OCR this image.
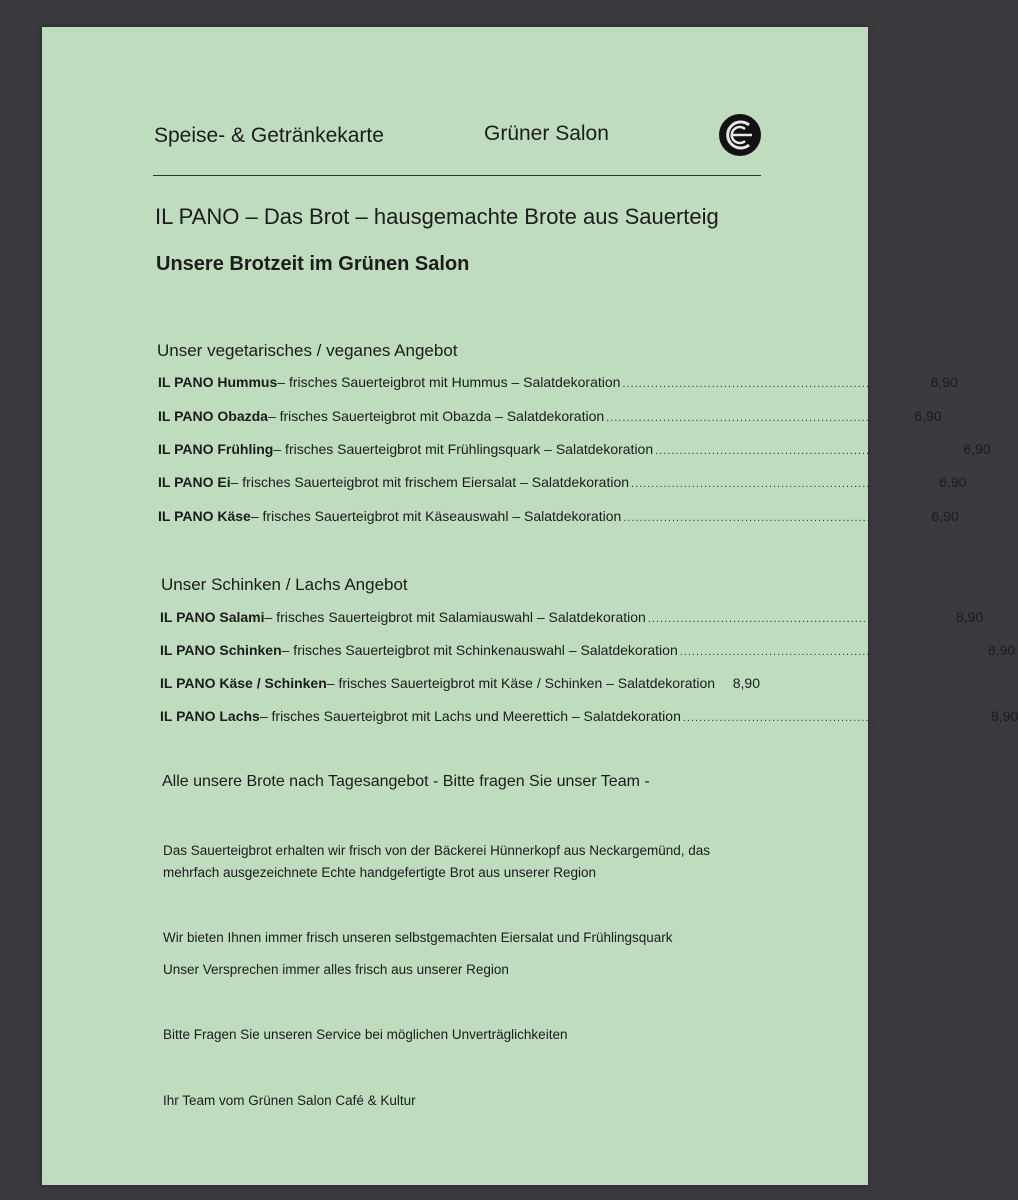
Speise- & Getränkekarte	Grüner Salon
IL PANO – Das Brot – hausgemachte Brote aus Sauerteig
Unsere Brotzeit im Grünen Salon
Unser vegetarisches / veganes Angebot
IL PANO Hummus – frisches Sauerteigbrot mit Hummus – Salatdekoration .......................................................................... 6,90
IL PANO Obazda – frisches Sauerteigbrot mit Obazda – Salatdekoration .......................................................................... 6,90
IL PANO Frühling – frisches Sauerteigbrot mit Frühlingsquark – Salatdekoration .......................................................................... 6,90
IL PANO Ei – frisches Sauerteigbrot mit frischem Eiersalat – Salatdekoration .......................................................................... 6,90
IL PANO Käse – frisches Sauerteigbrot mit Käseauswahl – Salatdekoration .......................................................................... 6,90
Unser Schinken / Lachs Angebot
IL PANO Salami – frisches Sauerteigbrot mit Salamiauswahl – Salatdekoration .......................................................................... 8,90
IL PANO Schinken – frisches Sauerteigbrot mit Schinkenauswahl – Salatdekoration .......................................................................... 8,90
IL PANO Käse / Schinken – frisches Sauerteigbrot mit Käse / Schinken – Salatdekoration	8,90
IL PANO Lachs – frisches Sauerteigbrot mit Lachs und Meerettich – Salatdekoration .......................................................................... 8,90
Alle unsere Brote nach Tagesangebot - Bitte fragen Sie unser Team -
Das Sauerteigbrot erhalten wir frisch von der Bäckerei Hünnerkopf aus Neckargemünd, das
mehrfach ausgezeichnete Echte handgefertigte Brot aus unserer Region
Wir bieten Ihnen immer frisch unseren selbstgemachten Eiersalat und Frühlingsquark
Unser Versprechen immer alles frisch aus unserer Region
Bitte Fragen Sie unseren Service bei möglichen Unverträglichkeiten
Ihr Team vom Grünen Salon Café & Kultur
